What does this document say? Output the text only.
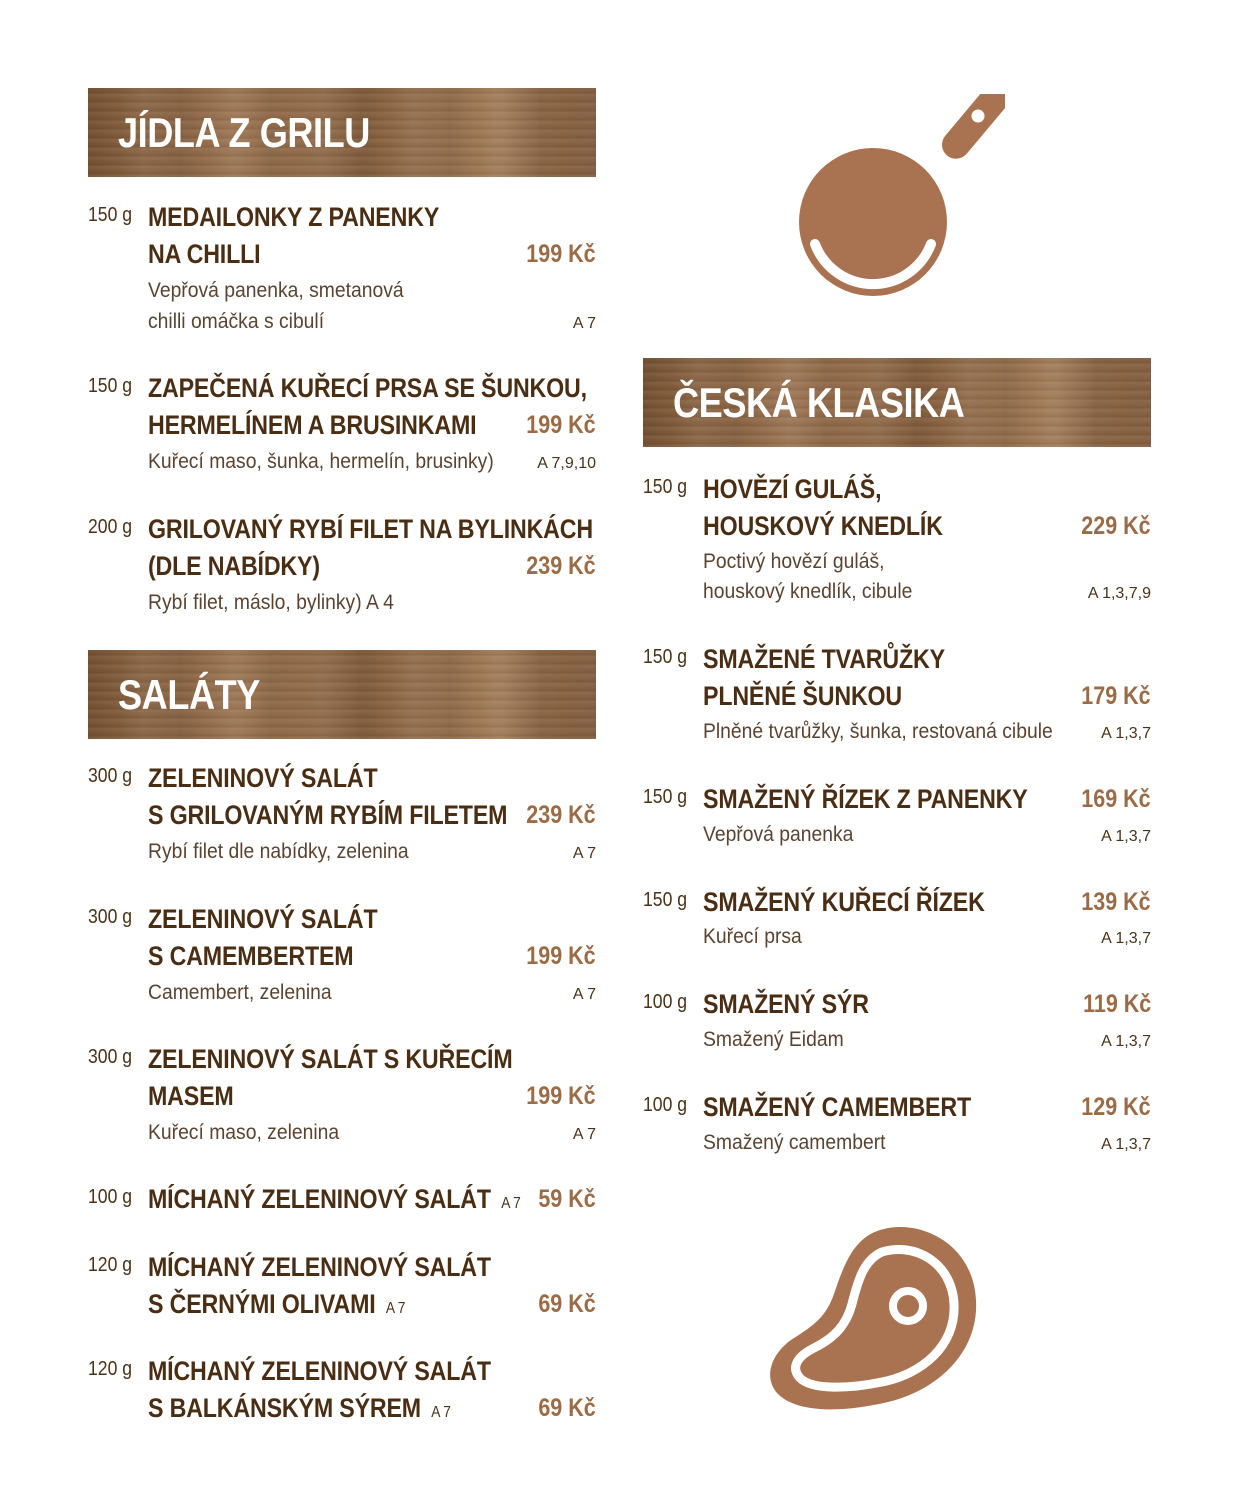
JÍDLA Z GRILU
150 g MEDAILONKY Z PANENKY
NA CHILLI	199 Kč
Vepřová panenka, smetanová
chilli omáčka s cibulí	A 7
150 g ZAPEČENÁ KUŘECÍ PRSA SE ŠUNKOU,
HERMELÍNEM A BRUSINKAMI 199 Kč
Kuřecí maso, šunka, hermelín, brusinky)	A 7,9,10
200 g GRILOVANÝ RYBÍ FILET NA BYLINKÁCH
(DLE NABÍDKY)	239 Kč
Rybí filet, máslo, bylinky) A 4
SALÁTY
300 g ZELENINOVÝ SALÁT
S GRILOVANÝM RYBÍM FILETEM 239 Kč
Rybí filet dle nabídky, zelenina	A 7
300 g ZELENINOVÝ SALÁT
S CAMEMBERTEM	199 Kč
Camembert, zelenina	A 7
300 g ZELENINOVÝ SALÁT S KUŘECÍM
MASEM	199 Kč
Kuřecí maso, zelenina	A 7
100 g MÍCHANÝ ZELENINOVÝ SALÁT A 7 59 Kč
120 g MÍCHANÝ ZELENINOVÝ SALÁT
S ČERNÝMI OLIVAMI A 7	69 Kč
120 g MÍCHANÝ ZELENINOVÝ SALÁT
S BALKÁNSKÝM SÝREM A 7	69 Kč
ČESKÁ KLASIKA
150 g HOVĚZÍ GULÁŠ,
HOUSKOVÝ KNEDLÍK	229 Kč
Poctivý hovězí guláš,
houskový knedlík, cibule	A 1,3,7,9
150 g SMAŽENÉ TVARŮŽKY
PLNĚNÉ ŠUNKOU	179 Kč
Plněné tvarůžky, šunka, restovaná cibule	A 1,3,7
150 g SMAŽENÝ ŘÍZEK Z PANENKY 169 Kč
Vepřová panenka	A 1,3,7
150 g SMAŽENÝ KUŘECÍ ŘÍZEK	139 Kč
Kuřecí prsa	A 1,3,7
100 g SMAŽENÝ SÝR	119 Kč
Smažený Eidam	A 1,3,7
100 g SMAŽENÝ CAMEMBERT	129 Kč
Smažený camembert	A 1,3,7
